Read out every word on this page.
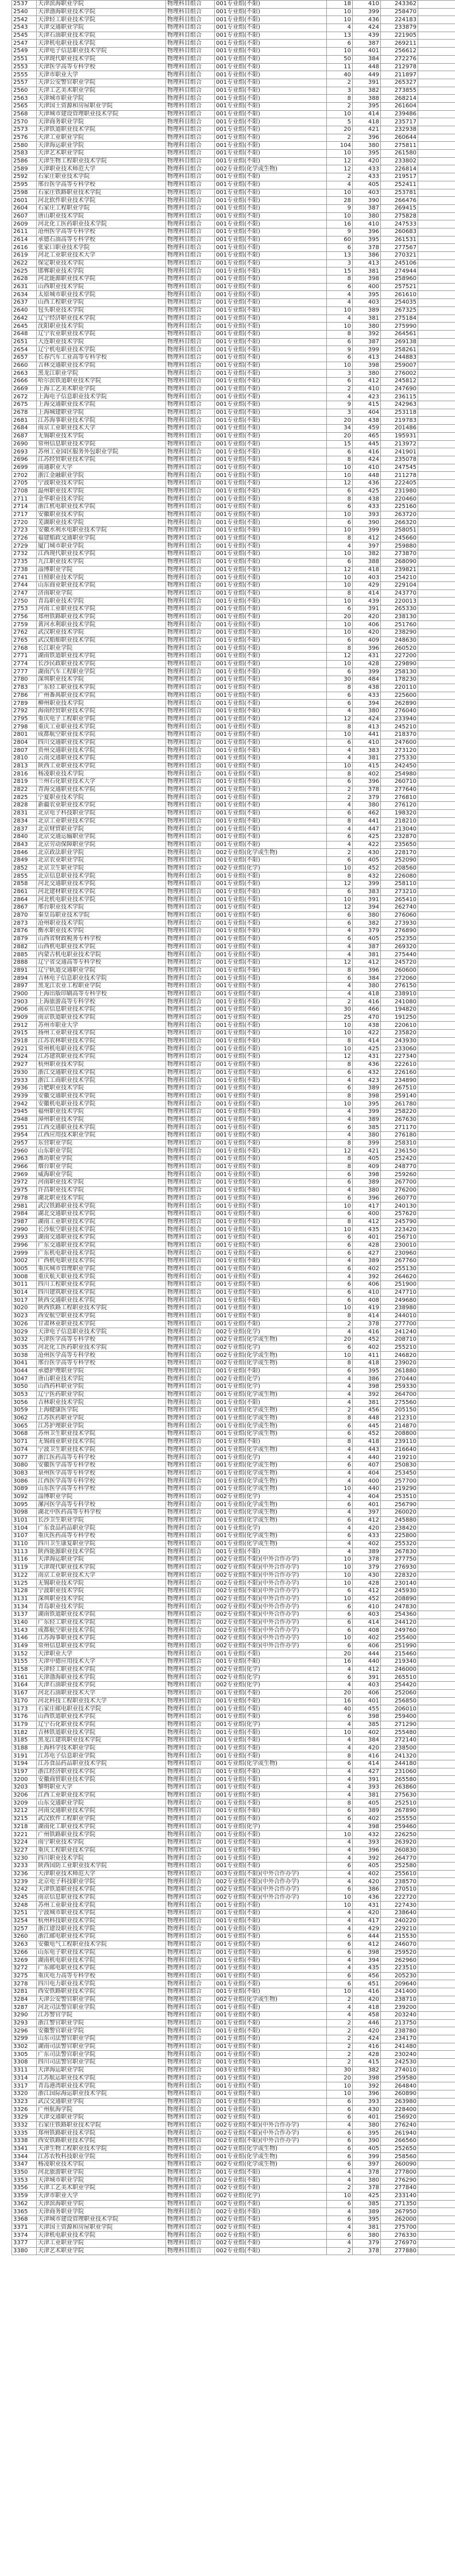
2537	天津滨海职业学院	物理科目组合	001专业组(不限)	18	410	243362	
2540	天津渤海职业技术学院	物理科目组合	001专业组(不限)	10	399	258470	
2542	天津轻工职业技术学院	物理科目组合	001专业组(不限)	10	436	224183	
2543	天津交通职业学院	物理科目组合	001专业组(不限)	4	424	233879	
2545	天津石油职业技术学院	物理科目组合	001专业组(不限)	13	439	221905	
2547	天津机电职业技术学院	物理科目组合	001专业组(不限)	6	387	269211	
2549	天津电子信息职业技术学院	物理科目组合	001专业组(不限)	10	401	256612	
2551	天津现代职业技术学院	物理科目组合	001专业组(不限)	50	384	272276	
2553	天津医学高等专科学校	物理科目组合	001专业组(不限)	11	448	212978	
2555	天津市职业大学	物理科目组合	001专业组(不限)	40	449	211897	
2557	天津公安警官职业学院	物理科目组合	001专业组(不限)	2	391	265327	
2560	天津工艺美术职业学院	物理科目组合	001专业组(不限)	3	382	273855	
2563	天津城市职业学院	物理科目组合	001专业组(不限)	8	388	268214	
2565	天津国土资源和房屋职业学院	物理科目组合	001专业组(不限)	2	395	261604	
2568	天津城市建设管理职业技术学院	物理科目组合	001专业组(不限)	10	414	239486	
2570	天津商务职业学院	物理科目组合	001专业组(不限)	5	418	235717	
2573	天津铁道职业技术学院	物理科目组合	001专业组(不限)	20	421	232938	
2576	天津工业职业学院	物理科目组合	001专业组(不限)	2	396	260644	
2580	天津海运职业学院	物理科目组合	001专业组(不限)	104	380	275811	
2583	天津艺术职业学院	物理科目组合	001专业组(不限)	10	395	261580	
2586	天津生物工程职业技术学院	物理科目组合	001专业组(不限)	12	420	233802	
2589	天津职业技术师范大学	物理科目组合	002专业组(化学或生物)	12	433	226814	
2592	石家庄职业技术学院	物理科目组合	001专业组(不限)	2	433	219517	
2595	邢台医学高等专科学校	物理科目组合	001专业组(不限)	4	405	252411	
2598	石家庄铁路职业技术学院	物理科目组合	001专业组(不限)	10	403	253781	
2601	河北软件职业技术学院	物理科目组合	001专业组(不限)	28	390	266476	
2604	石家庄工程职业学院	物理科目组合	001专业组(不限)	9	387	269415	
2607	唐山职业技术学院	物理科目组合	001专业组(不限)	10	380	275828	
2609	河北化工医药职业技术学院	物理科目组合	001专业组(不限)	16	410	247533	
2611	沧州医学高等专科学校	物理科目组合	001专业组(不限)	9	396	260683	
2614	承德石油高等专科学校	物理科目组合	001专业组(不限)	60	395	261531	
2616	张家口职业技术学院	物理科目组合	001专业组(不限)	6	378	277567	
2619	河北工业职业技术大学	物理科目组合	001专业组(不限)	13	386	270321	
2622	保定职业技术学院	物理科目组合	001专业组(不限)	3	413	245106	
2625	邯郸职业技术学院	物理科目组合	001专业组(不限)	15	381	274944	
2628	河北能源职业技术学院	物理科目组合	001专业组(不限)	8	398	258960	
2631	山西职业技术学院	物理科目组合	001专业组(不限)	6	400	257521	
2634	太原城市职业技术学院	物理科目组合	001专业组(不限)	4	395	261610	
2637	山西工程职业学院	物理科目组合	001专业组(不限)	4	403	254035	
2640	包头职业技术学院	物理科目组合	001专业组(不限)	10	389	267325	
2642	辽宁经济职业技术学院	物理科目组合	001专业组(不限)	4	381	275184	
2645	沈阳职业技术学院	物理科目组合	001专业组(不限)	10	380	275990	
2648	辽宁农业职业技术学院	物理科目组合	001专业组(不限)	8	392	264561	
2651	大连职业技术学院	物理科目组合	001专业组(不限)	6	387	269138	
2654	辽宁机电职业技术学院	物理科目组合	001专业组(不限)	9	399	258261	
2657	长春汽车工业高等专科学校	物理科目组合	001专业组(不限)	6	413	244883	
2660	吉林交通职业技术学院	物理科目组合	001专业组(不限)	10	398	259007	
2663	黑龙江职业学院	物理科目组合	001专业组(不限)	3	380	276002	
2666	哈尔滨铁道职业技术学院	物理科目组合	001专业组(不限)	6	412	245812	
2669	上海工艺美术职业学院	物理科目组合	001专业组(不限)	2	410	247690	
2672	上海电子信息职业技术学院	物理科目组合	001专业组(不限)	4	423	236115	
2675	上海交通职业技术学院	物理科目组合	001专业组(不限)	9	415	242963	
2678	上海城建职业学院	物理科目组合	001专业组(不限)	3	404	253118	
2681	江苏海事职业技术学院	物理科目组合	001专业组(不限)	20	438	219783	
2684	南京工业职业技术大学	物理科目组合	001专业组(不限)	34	459	201486	
2687	无锡职业技术学院	物理科目组合	001专业组(不限)	20	465	195931	
2690	常州信息职业技术学院	物理科目组合	001专业组(不限)	15	445	213972	
2693	苏州工业园区服务外包职业学院	物理科目组合	001专业组(不限)	6	416	241901	
2696	江苏经贸职业技术学院	物理科目组合	001专业组(不限)	8	424	235078	
2699	南通职业大学	物理科目组合	001专业组(不限)	10	410	247545	
2702	浙江金融职业学院	物理科目组合	001专业组(不限)	10	448	211278	
2705	宁波职业技术学院	物理科目组合	001专业组(不限)	12	436	222405	
2708	温州职业技术学院	物理科目组合	001专业组(不限)	6	425	231980	
2711	金华职业技术学院	物理科目组合	001专业组(不限)	8	438	220460	
2714	浙江机电职业技术学院	物理科目组合	001专业组(不限)	6	433	225160	
2717	安徽职业技术学院	物理科目组合	001专业组(不限)	10	393	263720	
2720	芜湖职业技术学院	物理科目组合	001专业组(不限)	6	390	266320	
2723	安徽水利水电职业技术学院	物理科目组合	001专业组(不限)	10	399	258051	
2726	福建船政交通职业学院	物理科目组合	001专业组(不限)	8	412	245660	
2729	厦门城市职业学院	物理科目组合	001专业组(不限)	4	397	259880	
2732	江西现代职业技术学院	物理科目组合	001专业组(不限)	10	382	273870	
2735	九江职业技术学院	物理科目组合	001专业组(不限)	6	388	268090	
2738	淄博职业学院	物理科目组合	001专业组(不限)	12	418	239821	
2741	日照职业技术学院	物理科目组合	001专业组(不限)	10	403	254210	
2744	山东商业职业技术学院	物理科目组合	001专业组(不限)	10	429	229104	
2747	济南职业学院	物理科目组合	001专业组(不限)	8	414	243770	
2750	青岛职业技术学院	物理科目组合	001专业组(不限)	10	439	220013	
2753	河南工业职业技术学院	物理科目组合	001专业组(不限)	6	391	265330	
2756	郑州铁路职业技术学院	物理科目组合	001专业组(不限)	20	420	238130	
2759	黄河水利职业技术学院	物理科目组合	001专业组(不限)	10	406	251760	
2762	武汉职业技术学院	物理科目组合	001专业组(不限)	10	420	238290	
2765	武汉船舶职业技术学院	物理科目组合	001专业组(不限)	6	409	248630	
2768	长江职业学院	物理科目组合	001专业组(不限)	8	396	260520	
2771	湖南铁道职业技术学院	物理科目组合	001专业组(不限)	12	431	227200	
2774	长沙民政职业技术学院	物理科目组合	001专业组(不限)	10	428	229890	
2777	湖南汽车工程职业学院	物理科目组合	001专业组(不限)	6	399	258130	
2780	深圳职业技术学院	物理科目组合	001专业组(不限)	30	484	178230	
2783	广东轻工职业技术学院	物理科目组合	001专业组(不限)	8	438	220110	
2786	广州番禺职业技术学院	物理科目组合	001专业组(不限)	6	433	225600	
2789	柳州职业技术学院	物理科目组合	001专业组(不限)	6	394	262890	
2792	海南经贸职业技术学院	物理科目组合	001专业组(不限)	4	380	276040	
2795	重庆电子工程职业学院	物理科目组合	001专业组(不限)	12	424	233940	
2798	重庆工业职业技术学院	物理科目组合	001专业组(不限)	8	413	245210	
2801	成都航空职业技术学院	物理科目组合	001专业组(不限)	10	441	218370	
2804	四川交通职业技术学院	物理科目组合	001专业组(不限)	6	410	247600	
2807	贵州交通职业技术学院	物理科目组合	001专业组(不限)	4	383	273120	
2810	云南交通职业技术学院	物理科目组合	001专业组(不限)	4	381	275330	
2813	陕西工业职业技术学院	物理科目组合	001专业组(不限)	10	415	242450	
2816	杨凌职业技术学院	物理科目组合	001专业组(不限)	8	402	254980	
2819	兰州石化职业技术大学	物理科目组合	001专业组(不限)	6	396	260710	
2822	青海交通职业技术学院	物理科目组合	001专业组(不限)	2	378	277640	
2825	宁夏职业技术学院	物理科目组合	001专业组(不限)	2	379	276810	
2828	新疆农业职业技术学院	物理科目组合	001专业组(不限)	4	380	276120	
2831	北京电子科技职业学院	物理科目组合	001专业组(不限)	6	462	198320	
2834	北京工业职业技术学院	物理科目组合	001专业组(不限)	8	441	218210	
2837	北京财贸职业学院	物理科目组合	001专业组(不限)	4	447	213040	
2840	北京交通运输职业学院	物理科目组合	001专业组(不限)	6	425	232870	
2843	北京劳动保障职业学院	物理科目组合	001专业组(不限)	4	422	235650	
2846	北京政法职业学院	物理科目组合	002专业组(化学或生物)	2	430	228170	
2849	北京农业职业学院	物理科目组合	001专业组(不限)	6	405	252090	
2852	北京卫生职业学院	物理科目组合	002专业组(化学)	10	452	208560	
2855	北京信息职业技术学院	物理科目组合	001专业组(不限)	8	432	226080	
2858	河北交通职业技术学院	物理科目组合	001专业组(不限)	12	399	258110	
2861	河北建材职业技术学院	物理科目组合	001专业组(不限)	6	383	273210	
2864	河北机电职业技术学院	物理科目组合	001专业组(不限)	10	391	265410	
2867	邢台职业技术学院	物理科目组合	001专业组(不限)	12	394	262740	
2870	秦皇岛职业技术学院	物理科目组合	001专业组(不限)	6	380	276060	
2873	沧州职业技术学院	物理科目组合	001专业组(不限)	6	382	273930	
2876	衡水职业技术学院	物理科目组合	001专业组(不限)	4	379	276890	
2879	山西省财政税务专科学校	物理科目组合	001专业组(不限)	6	405	252350	
2882	山西机电职业技术学院	物理科目组合	001专业组(不限)	4	387	269320	
2885	内蒙古机电职业技术学院	物理科目组合	001专业组(不限)	4	381	275440	
2888	辽宁省交通高等专科学校	物理科目组合	001专业组(不限)	12	412	245720	
2891	辽宁轨道交通职业学院	物理科目组合	001专业组(不限)	8	396	260600	
2894	吉林电子信息职业技术学院	物理科目组合	001专业组(不限)	6	384	272060	
2897	黑龙江农业工程职业学院	物理科目组合	001专业组(不限)	4	380	276150	
2900	上海出版印刷高等专科学校	物理科目组合	001专业组(不限)	4	418	238910	
2903	上海旅游高等专科学校	物理科目组合	001专业组(不限)	2	416	241080	
2906	南京信息职业技术学院	物理科目组合	001专业组(不限)	30	466	194820	
2909	南京铁道职业技术学院	物理科目组合	001专业组(不限)	25	470	191250	
2912	苏州市职业大学	物理科目组合	001专业组(不限)	10	438	220610	
2915	扬州工业职业技术学院	物理科目组合	001专业组(不限)	10	422	235820	
2918	江苏农林职业技术学院	物理科目组合	001专业组(不限)	8	414	243930	
2921	常州机电职业技术学院	物理科目组合	001专业组(不限)	10	425	233060	
2924	江苏建筑职业技术学院	物理科目组合	001专业组(不限)	12	431	227340	
2927	杭州职业技术学院	物理科目组合	001专业组(不限)	8	436	222610	
2930	浙江交通职业技术学院	物理科目组合	001专业组(不限)	6	432	226160	
2933	浙江工商职业技术学院	物理科目组合	001专业组(不限)	4	423	234890	
2936	合肥职业技术学院	物理科目组合	001专业组(不限)	6	389	267510	
2939	安徽交通职业技术学院	物理科目组合	001专业组(不限)	8	398	259140	
2942	安徽机电职业技术学院	物理科目组合	001专业组(不限)	10	395	261780	
2945	福州职业技术学院	物理科目组合	001专业组(不限)	4	399	258220	
2948	漳州职业技术学院	物理科目组合	001专业组(不限)	4	389	267630	
2951	江西交通职业技术学院	物理科目组合	001专业组(不限)	6	385	271170	
2954	江西应用技术职业学院	物理科目组合	001专业组(不限)	4	380	276180	
2957	东营职业学院	物理科目组合	001专业组(不限)	8	399	258310	
2960	山东职业学院	物理科目组合	001专业组(不限)	12	421	236150	
2963	潍坊职业学院	物理科目组合	001专业组(不限)	8	405	252420	
2966	烟台职业学院	物理科目组合	001专业组(不限)	8	409	248770	
2969	威海职业学院	物理科目组合	001专业组(不限)	6	398	259260	
2972	河南职业技术学院	物理科目组合	001专业组(不限)	6	389	267700	
2975	许昌职业技术学院	物理科目组合	001专业组(不限)	4	380	276200	
2978	湖北职业技术学院	物理科目组合	001专业组(不限)	6	396	260770	
2981	武汉铁路职业技术学院	物理科目组合	001专业组(不限)	10	417	240130	
2984	湖北交通职业技术学院	物理科目组合	001专业组(不限)	6	400	257620	
2987	湖南工业职业技术学院	物理科目组合	001专业组(不限)	8	412	245790	
2990	长沙航空职业技术学院	物理科目组合	001专业组(不限)	10	435	223420	
2993	湖南交通职业技术学院	物理科目组合	001专业组(不限)	6	401	256710	
2996	广东交通职业技术学院	物理科目组合	001专业组(不限)	6	428	230010	
2999	广东机电职业技术学院	物理科目组合	001专业组(不限)	6	427	230960	
3002	广西机电职业技术学院	物理科目组合	001专业组(不限)	4	389	267760	
3005	重庆城市管理职业学院	物理科目组合	001专业组(不限)	6	402	255130	
3008	重庆航天职业技术学院	物理科目组合	001专业组(不限)	4	392	264620	
3011	四川工程职业技术学院	物理科目组合	001专业组(不限)	6	406	251900	
3014	四川建筑职业技术学院	物理科目组合	001专业组(不限)	6	410	247710	
3017	陕西交通职业技术学院	物理科目组合	001专业组(不限)	6	408	249680	
3020	陕西铁路工程职业技术学院	物理科目组合	001专业组(不限)	10	419	238980	
3023	西安航空职业技术学院	物理科目组合	001专业组(不限)	8	414	244010	
3026	甘肃林业职业技术学院	物理科目组合	001专业组(不限)	2	378	277700	
3029	天津电子信息职业技术学院	物理科目组合	002专业组(化学)	4	416	241240	
3032	天津医学高等专科学校	物理科目组合	002专业组(化学或生物)	20	452	208710	
3035	河北化工医药职业技术学院	物理科目组合	002专业组(化学)	6	402	255210	
3038	沧州医学高等专科学校	物理科目组合	002专业组(化学或生物)	10	411	246820	
3041	邢台医学高等专科学校	物理科目组合	002专业组(化学或生物)	8	418	239020	
3044	承德护理职业学院	物理科目组合	001专业组(不限)	6	395	261880	
3047	唐山职业技术学院	物理科目组合	002专业组(化学)	4	386	270440	
3050	山西药科职业学院	物理科目组合	001专业组(化学)	4	398	259330	
3053	辽宁医药职业学院	物理科目组合	001专业组(化学或生物)	4	392	264700	
3056	吉林职业技术学院	物理科目组合	001专业组(不限)	4	381	275560	
3059	上海健康医学院	物理科目组合	001专业组(化学或生物)	2	456	205150	
3062	江苏医药职业学院	物理科目组合	001专业组(化学或生物)	8	448	212310	
3065	江苏护理职业学院	物理科目组合	001专业组(化学或生物)	6	445	214870	
3068	苏州卫生职业技术学院	物理科目组合	001专业组(化学或生物)	6	452	208800	
3071	无锡商业职业技术学院	物理科目组合	001专业组(不限)	8	418	239110	
3074	宁波卫生职业技术学院	物理科目组合	001专业组(化学或生物)	4	443	216640	
3077	浙江医药高等专科学校	物理科目组合	001专业组(化学)	4	440	219210	
3080	安徽医学高等专科学校	物理科目组合	001专业组(化学或生物)	6	407	250830	
3083	泉州医学高等专科学校	物理科目组合	001专业组(化学或生物)	4	404	253450	
3086	江西医学高等专科学校	物理科目组合	001专业组(化学或生物)	4	400	257700	
3089	山东医学高等专科学校	物理科目组合	001专业组(化学或生物)	10	440	219290	
3092	淄博职业学院	物理科目组合	002专业组(化学)	4	404	253510	
3095	漯河医学高等专科学校	物理科目组合	001专业组(化学或生物)	6	401	256790	
3098	湖北中医药高等专科学校	物理科目组合	001专业组(化学或生物)	4	397	260020	
3101	长沙卫生职业学院	物理科目组合	001专业组(化学或生物)	6	412	245880	
3104	广东食品药品职业学院	物理科目组合	001专业组(化学)	4	420	238420	
3107	重庆医药高等专科学校	物理科目组合	001专业组(化学或生物)	6	433	225800	
3110	四川卫生康复职业学院	物理科目组合	001专业组(化学或生物)	4	402	255320	
3113	陕西能源职业技术学院	物理科目组合	001专业组(不限)	4	389	267830	
3116	天津海运职业学院	物理科目组合	002专业组(不限)(中外合作办学)	10	378	277750	
3119	天津现代职业技术学院	物理科目组合	002专业组(不限)(中外合作办学)	10	379	276930	
3122	南京工业职业技术大学	物理科目组合	002专业组(不限)(中外合作办学)	10	430	228320	
3125	无锡职业技术学院	物理科目组合	002专业组(不限)(中外合作办学)	10	428	230140	
3128	宁波职业技术学院	物理科目组合	002专业组(不限)(中外合作办学)	6	412	245930	
3131	深圳职业技术学院	物理科目组合	002专业组(不限)(中外合作办学)	10	452	208890	
3134	青岛职业技术学院	物理科目组合	002专业组(不限)(中外合作办学)	6	410	247830	
3137	湖南铁道职业技术学院	物理科目组合	002专业组(不限)(中外合作办学)	6	403	254360	
3140	广东轻工职业技术学院	物理科目组合	002专业组(不限)(中外合作办学)	6	414	244120	
3143	成都航空职业技术学院	物理科目组合	002专业组(不限)(中外合作办学)	6	408	249760	
3146	江苏海事职业技术学院	物理科目组合	002专业组(不限)(中外合作办学)	10	402	255400	
3149	常州信息职业技术学院	物理科目组合	002专业组(不限)(中外合作办学)	6	406	251990	
3152	天津职业大学	物理科目组合	001专业组(不限)	20	444	215460	
3155	天津中德应用技术大学	物理科目组合	001专业组(不限)	16	440	219340	
3158	天津轻工职业技术学院	物理科目组合	002专业组(化学)	4	412	246000	
3161	天津渤海职业技术学院	物理科目组合	002专业组(化学)	6	391	265510	
3164	天津石油职业技术学院	物理科目组合	002专业组(化学)	4	403	254420	
3167	河北石油职业技术大学	物理科目组合	001专业组(不限)	20	406	252060	
3170	河北科技工程职业技术大学	物理科目组合	001专业组(不限)	16	401	256850	
3173	石家庄邮电职业技术学院	物理科目组合	001专业组(不限)	40	455	206010	
3176	山西铁道职业技术学院	物理科目组合	001专业组(不限)	6	398	259400	
3179	辽宁石化职业技术学院	物理科目组合	001专业组(化学)	4	385	271290	
3182	吉林铁道职业技术学院	物理科目组合	001专业组(不限)	10	402	255480	
3185	黑龙江建筑职业技术学院	物理科目组合	001专业组(不限)	4	384	272140	
3188	上海科学技术职业学院	物理科目组合	001专业组(不限)	4	420	238500	
3191	江苏电子信息职业学院	物理科目组合	001专业组(不限)	8	416	241320	
3194	江苏食品药品职业技术学院	物理科目组合	001专业组(化学或生物)	6	414	244180	
3197	浙江经济职业技术学院	物理科目组合	001专业组(不限)	4	427	231060	
3200	安徽商贸职业技术学院	物理科目组合	001专业组(不限)	4	391	265580	
3203	黎明职业大学	物理科目组合	001专业组(不限)	4	393	263860	
3206	江西工业职业技术学院	物理科目组合	001专业组(不限)	4	381	275630	
3209	山东交通职业学院	物理科目组合	001专业组(不限)	8	405	252510	
3212	河南交通职业技术学院	物理科目组合	001专业组(不限)	6	389	267890	
3215	武汉软件工程职业学院	物理科目组合	001专业组(不限)	6	402	255550	
3218	湖南化工职业技术学院	物理科目组合	001专业组(化学)	4	398	259460	
3221	广州铁路职业技术学院	物理科目组合	001专业组(不限)	10	432	226250	
3224	南宁职业技术学院	物理科目组合	001专业组(不限)	4	393	263920	
3227	重庆工程职业技术学院	物理科目组合	001专业组(不限)	4	396	260830	
3230	四川职业技术学院	物理科目组合	001专业组(不限)	4	392	264770	
3233	陕西国防工业职业技术学院	物理科目组合	001专业组(不限)	6	405	252580	
3236	天津职业技术师范大学	物理科目组合	003专业组(不限)(中外合作办学)	4	402	255610	
3239	北京电子科技职业学院	物理科目组合	002专业组(不限)(中外合作办学)	4	420	238570	
3242	天津铁道职业技术学院	物理科目组合	002专业组(不限)(中外合作办学)	6	386	270510	
3245	南京信息职业技术学院	物理科目组合	002专业组(不限)(中外合作办学)	10	436	222720	
3248	苏州工业职业技术学院	物理科目组合	001专业组(不限)	10	431	227430	
3251	宁波城市职业技术学院	物理科目组合	001专业组(不限)	4	420	238640	
3254	杭州科技职业技术学院	物理科目组合	001专业组(不限)	4	417	240220	
3257	浙江建设职业技术学院	物理科目组合	001专业组(不限)	4	429	229210	
3260	浙江邮电职业技术学院	物理科目组合	001专业组(不限)	6	444	215530	
3263	安徽电气工程职业技术学院	物理科目组合	001专业组(不限)	6	412	246070	
3266	山东电子职业技术学院	物理科目组合	001专业组(不限)	6	398	259520	
3269	湖南机电职业技术学院	物理科目组合	001专业组(不限)	4	394	262960	
3272	广东邮电职业技术学院	物理科目组合	001专业组(不限)	4	435	223510	
3275	重庆电力高等专科学校	物理科目组合	001专业组(不限)	6	456	205230	
3278	四川电力职业技术学院	物理科目组合	001专业组(不限)	6	451	209640	
3281	西安铁路职业技术学院	物理科目组合	001专业组(不限)	10	416	241400	
3284	天津公安警官职业学院	物理科目组合	002专业组(化学或生物)	2	420	238710	
3287	河北司法警官职业学院	物理科目组合	001专业组(不限)	4	418	239200	
3290	江苏警官学院	物理科目组合	001专业组(不限)	4	458	203240	
3293	浙江警官职业学院	物理科目组合	001专业组(不限)	2	446	213750	
3296	安徽警官职业学院	物理科目组合	001专业组(不限)	2	420	238780	
3299	山东司法警官职业学院	物理科目组合	001专业组(不限)	2	424	234170	
3302	湖南司法警官职业学院	物理科目组合	001专业组(不限)	2	416	241480	
3305	广东司法警官职业学院	物理科目组合	001专业组(不限)	2	428	230240	
3308	四川司法警官职业学院	物理科目组合	001专业组(不限)	2	415	242530	
3311	天津海运职业学院	物理科目组合	003专业组(不限)	30	382	274010	
3314	江苏航运职业技术学院	物理科目组合	001专业组(不限)	20	398	259580	
3317	青岛港湾职业技术学院	物理科目组合	001专业组(不限)	10	392	264840	
3320	浙江国际海运职业技术学院	物理科目组合	001专业组(不限)	10	396	260890	
3323	武汉交通职业学院	物理科目组合	001专业组(不限)	6	393	263980	
3326	广州航海学院	物理科目组合	001专业组(不限)	6	430	228400	
3329	天津交通职业学院	物理科目组合	002专业组(不限)	6	401	256920	
3332	石家庄铁路职业技术学院	物理科目组合	002专业组(不限)(中外合作办学)	4	380	276240	
3335	郑州铁路职业技术学院	物理科目组合	002专业组(不限)(中外合作办学)	6	395	261940	
3338	西安铁路职业技术学院	物理科目组合	002专业组(不限)(中外合作办学)	6	390	266560	
3341	天津生物工程职业技术学院	物理科目组合	002专业组(化学或生物)	6	405	252650	
3344	江苏农牧科技职业学院	物理科目组合	001专业组(化学或生物)	6	399	258560	
3347	杨凌职业技术学院	物理科目组合	002专业组(化学或生物)	6	397	260090	
3350	河北旅游职业学院	物理科目组合	001专业组(不限)	4	378	277800	
3353	天津城市职业学院	物理科目组合	002专业组(不限)	4	380	276290	
3356	天津工艺美术职业学院	物理科目组合	002专业组(不限)	2	378	277840	
3359	天津市职业大学	物理科目组合	002专业组(化学)	10	425	233140	
3362	天津滨海职业学院	物理科目组合	002专业组(不限)	6	385	271350	
3365	天津商务职业学院	物理科目组合	002专业组(不限)	4	389	267950	
3368	天津城市建设管理职业技术学院	物理科目组合	002专业组(不限)	6	395	262000	
3371	天津国土资源和房屋职业学院	物理科目组合	002专业组(不限)	4	381	275700	
3374	天津机电职业技术学院	物理科目组合	002专业组(不限)	6	380	276330	
3377	天津工业职业学院	物理科目组合	002专业组(不限)	4	379	276970	
3380	天津艺术职业学院	物理科目组合	002专业组(不限)	2	378	277880	
